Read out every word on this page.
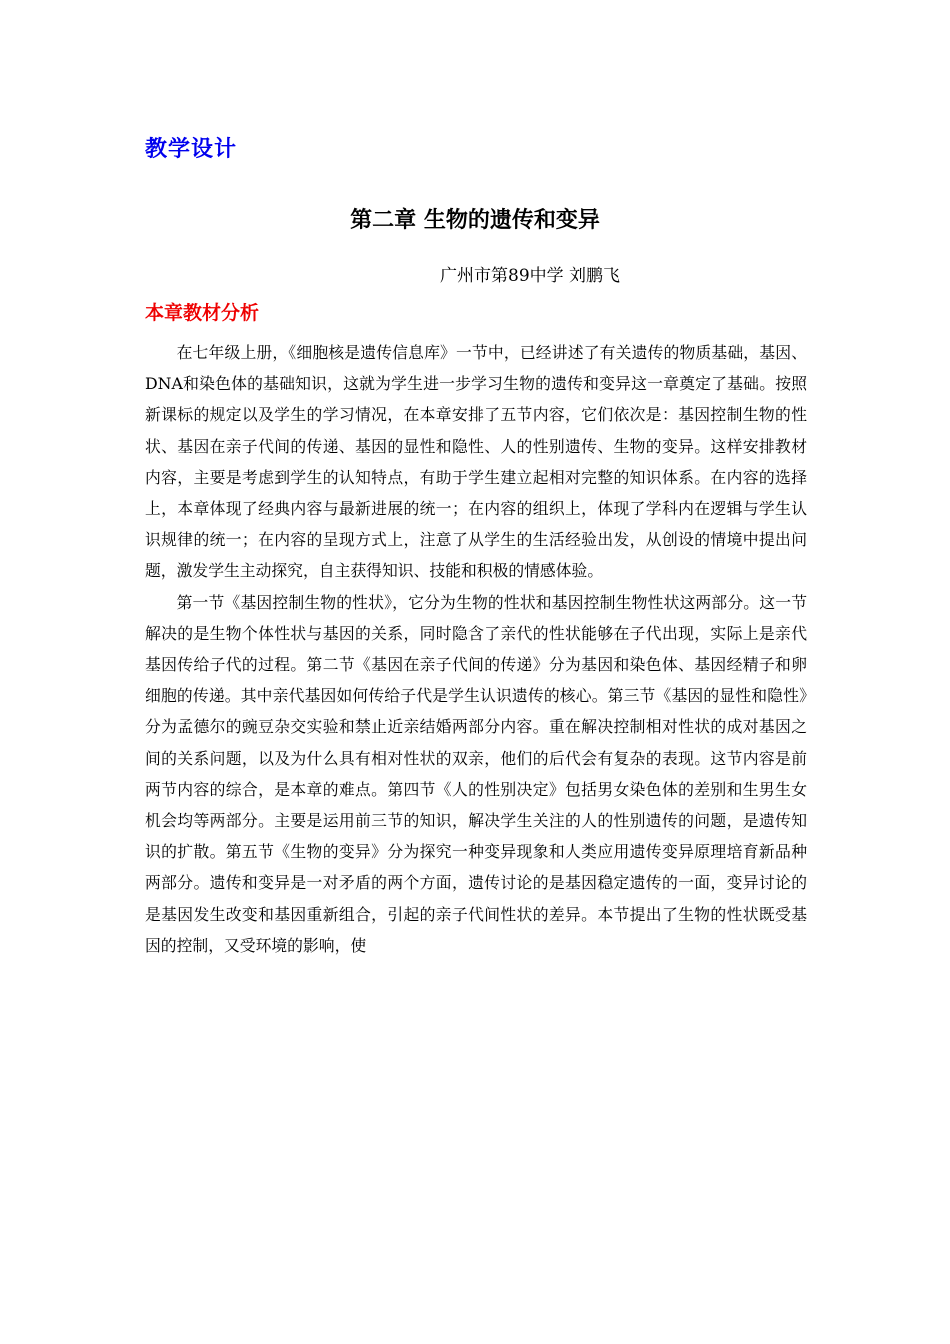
教学设计
第二章 生物的遗传和变异
广州市第89中学 刘鹏飞
本章教材分析

在七年级上册，《细胞核是遗传信息库》一节中，已经讲述了有关遗传的物质基础，基因、DNA和染色体的基础知识，这就为学生进一步学习生物的遗传和变异这一章奠定了基础。按照新课标的规定以及学生的学习情况，在本章安排了五节内容，它们依次是：基因控制生物的性状、基因在亲子代间的传递、基因的显性和隐性、人的性别遗传、生物的变异。这样安排教材内容，主要是考虑到学生的认知特点，有助于学生建立起相对完整的知识体系。在内容的选择上，本章体现了经典内容与最新进展的统一；在内容的组织上，体现了学科内在逻辑与学生认识规律的统一；在内容的呈现方式上，注意了从学生的生活经验出发，从创设的情境中提出问题，激发学生主动探究，自主获得知识、技能和积极的情感体验。

第一节《基因控制生物的性状》，它分为生物的性状和基因控制生物性状这两部分。这一节解决的是生物个体性状与基因的关系，同时隐含了亲代的性状能够在子代出现，实际上是亲代基因传给子代的过程。第二节《基因在亲子代间的传递》分为基因和染色体、基因经精子和卵细胞的传递。其中亲代基因如何传给子代是学生认识遗传的核心。第三节《基因的显性和隐性》分为孟德尔的豌豆杂交实验和禁止近亲结婚两部分内容。重在解决控制相对性状的成对基因之间的关系问题，以及为什么具有相对性状的双亲，他们的后代会有复杂的表现。这节内容是前两节内容的综合，是本章的难点。第四节《人的性别决定》包括男女染色体的差别和生男生女机会均等两部分。主要是运用前三节的知识，解决学生关注的人的性别遗传的问题，是遗传知识的扩散。第五节《生物的变异》分为探究一种变异现象和人类应用遗传变异原理培育新品种两部分。遗传和变异是一对矛盾的两个方面，遗传讨论的是基因稳定遗传的一面，变异讨论的是基因发生改变和基因重新组合，引起的亲子代间性状的差异。本节提出了生物的性状既受基因的控制，又受环境的影响，使
